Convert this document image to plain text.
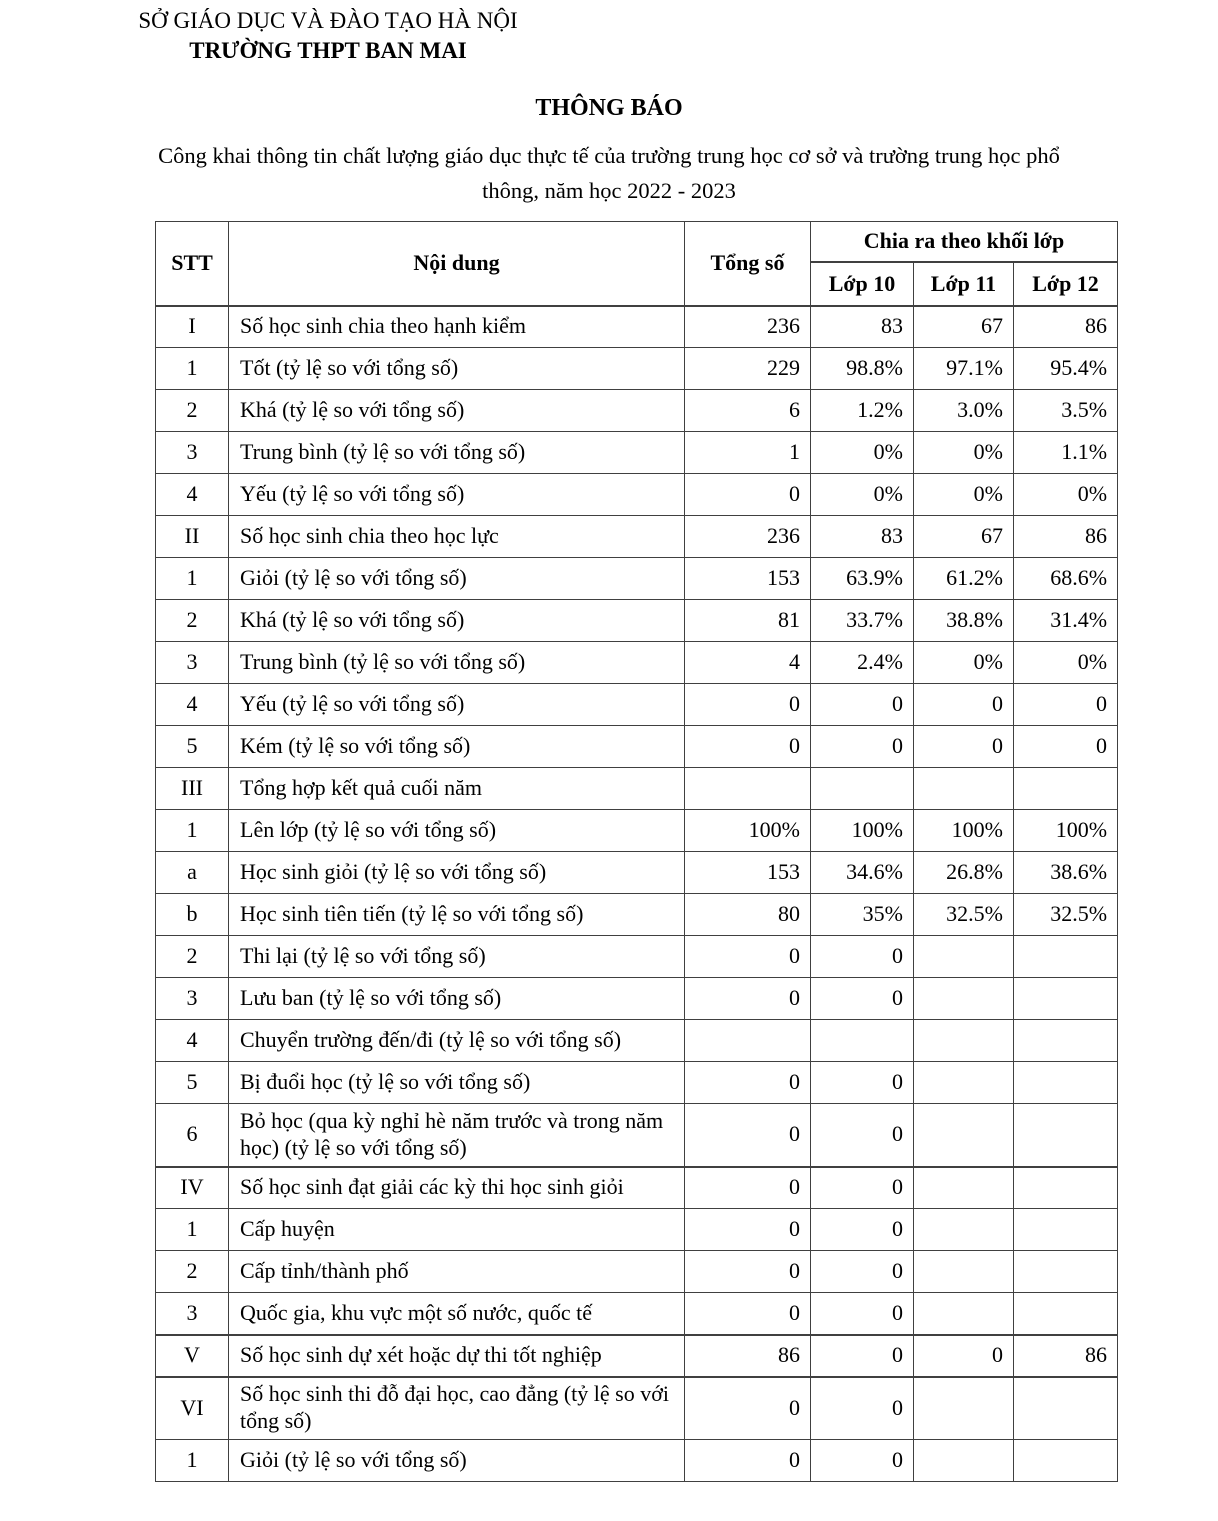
SỞ GIÁO DỤC VÀ ĐÀO TẠO HÀ NỘI
TRƯỜNG THPT BAN MAI
THÔNG BÁO
Công khai thông tin chất lượng giáo dục thực tế của trường trung học cơ sở và trường trung học phổ
thông, năm học 2022 - 2023
STT	Nội dung	Tổng số	Chia ra theo khối lớp		
			Lớp 10	Lớp 11	Lớp 12
I	Số học sinh chia theo hạnh kiểm	236	83	67	86
1	Tốt (tỷ lệ so với tổng số)	229	98.8%	97.1%	95.4%
2	Khá (tỷ lệ so với tổng số)	6	1.2%	3.0%	3.5%
3	Trung bình (tỷ lệ so với tổng số)	1	0%	0%	1.1%
4	Yếu (tỷ lệ so với tổng số)	0	0%	0%	0%
II	Số học sinh chia theo học lực	236	83	67	86
1	Giỏi (tỷ lệ so với tổng số)	153	63.9%	61.2%	68.6%
2	Khá (tỷ lệ so với tổng số)	81	33.7%	38.8%	31.4%
3	Trung bình (tỷ lệ so với tổng số)	4	2.4%	0%	0%
4	Yếu (tỷ lệ so với tổng số)	0	0	0	0
5	Kém (tỷ lệ so với tổng số)	0	0	0	0
III	Tổng hợp kết quả cuối năm				
1	Lên lớp (tỷ lệ so với tổng số)	100%	100%	100%	100%
a	Học sinh giỏi (tỷ lệ so với tổng số)	153	34.6%	26.8%	38.6%
b	Học sinh tiên tiến (tỷ lệ so với tổng số)	80	35%	32.5%	32.5%
2	Thi lại (tỷ lệ so với tổng số)	0	0		
3	Lưu ban (tỷ lệ so với tổng số)	0	0		
4	Chuyển trường đến/đi (tỷ lệ so với tổng số)				
5	Bị đuổi học (tỷ lệ so với tổng số)	0	0		
6	Bỏ học (qua kỳ nghỉ hè năm trước và trong năm học) (tỷ lệ so với tổng số)	0	0		
IV	Số học sinh đạt giải các kỳ thi học sinh giỏi	0	0		
1	Cấp huyện	0	0		
2	Cấp tỉnh/thành phố	0	0		
3	Quốc gia, khu vực một số nước, quốc tế	0	0		
V	Số học sinh dự xét hoặc dự thi tốt nghiệp	86	0	0	86
VI	Số học sinh thi đỗ đại học, cao đẳng (tỷ lệ so với tổng số)	0	0		
1	Giỏi (tỷ lệ so với tổng số)	0	0		
